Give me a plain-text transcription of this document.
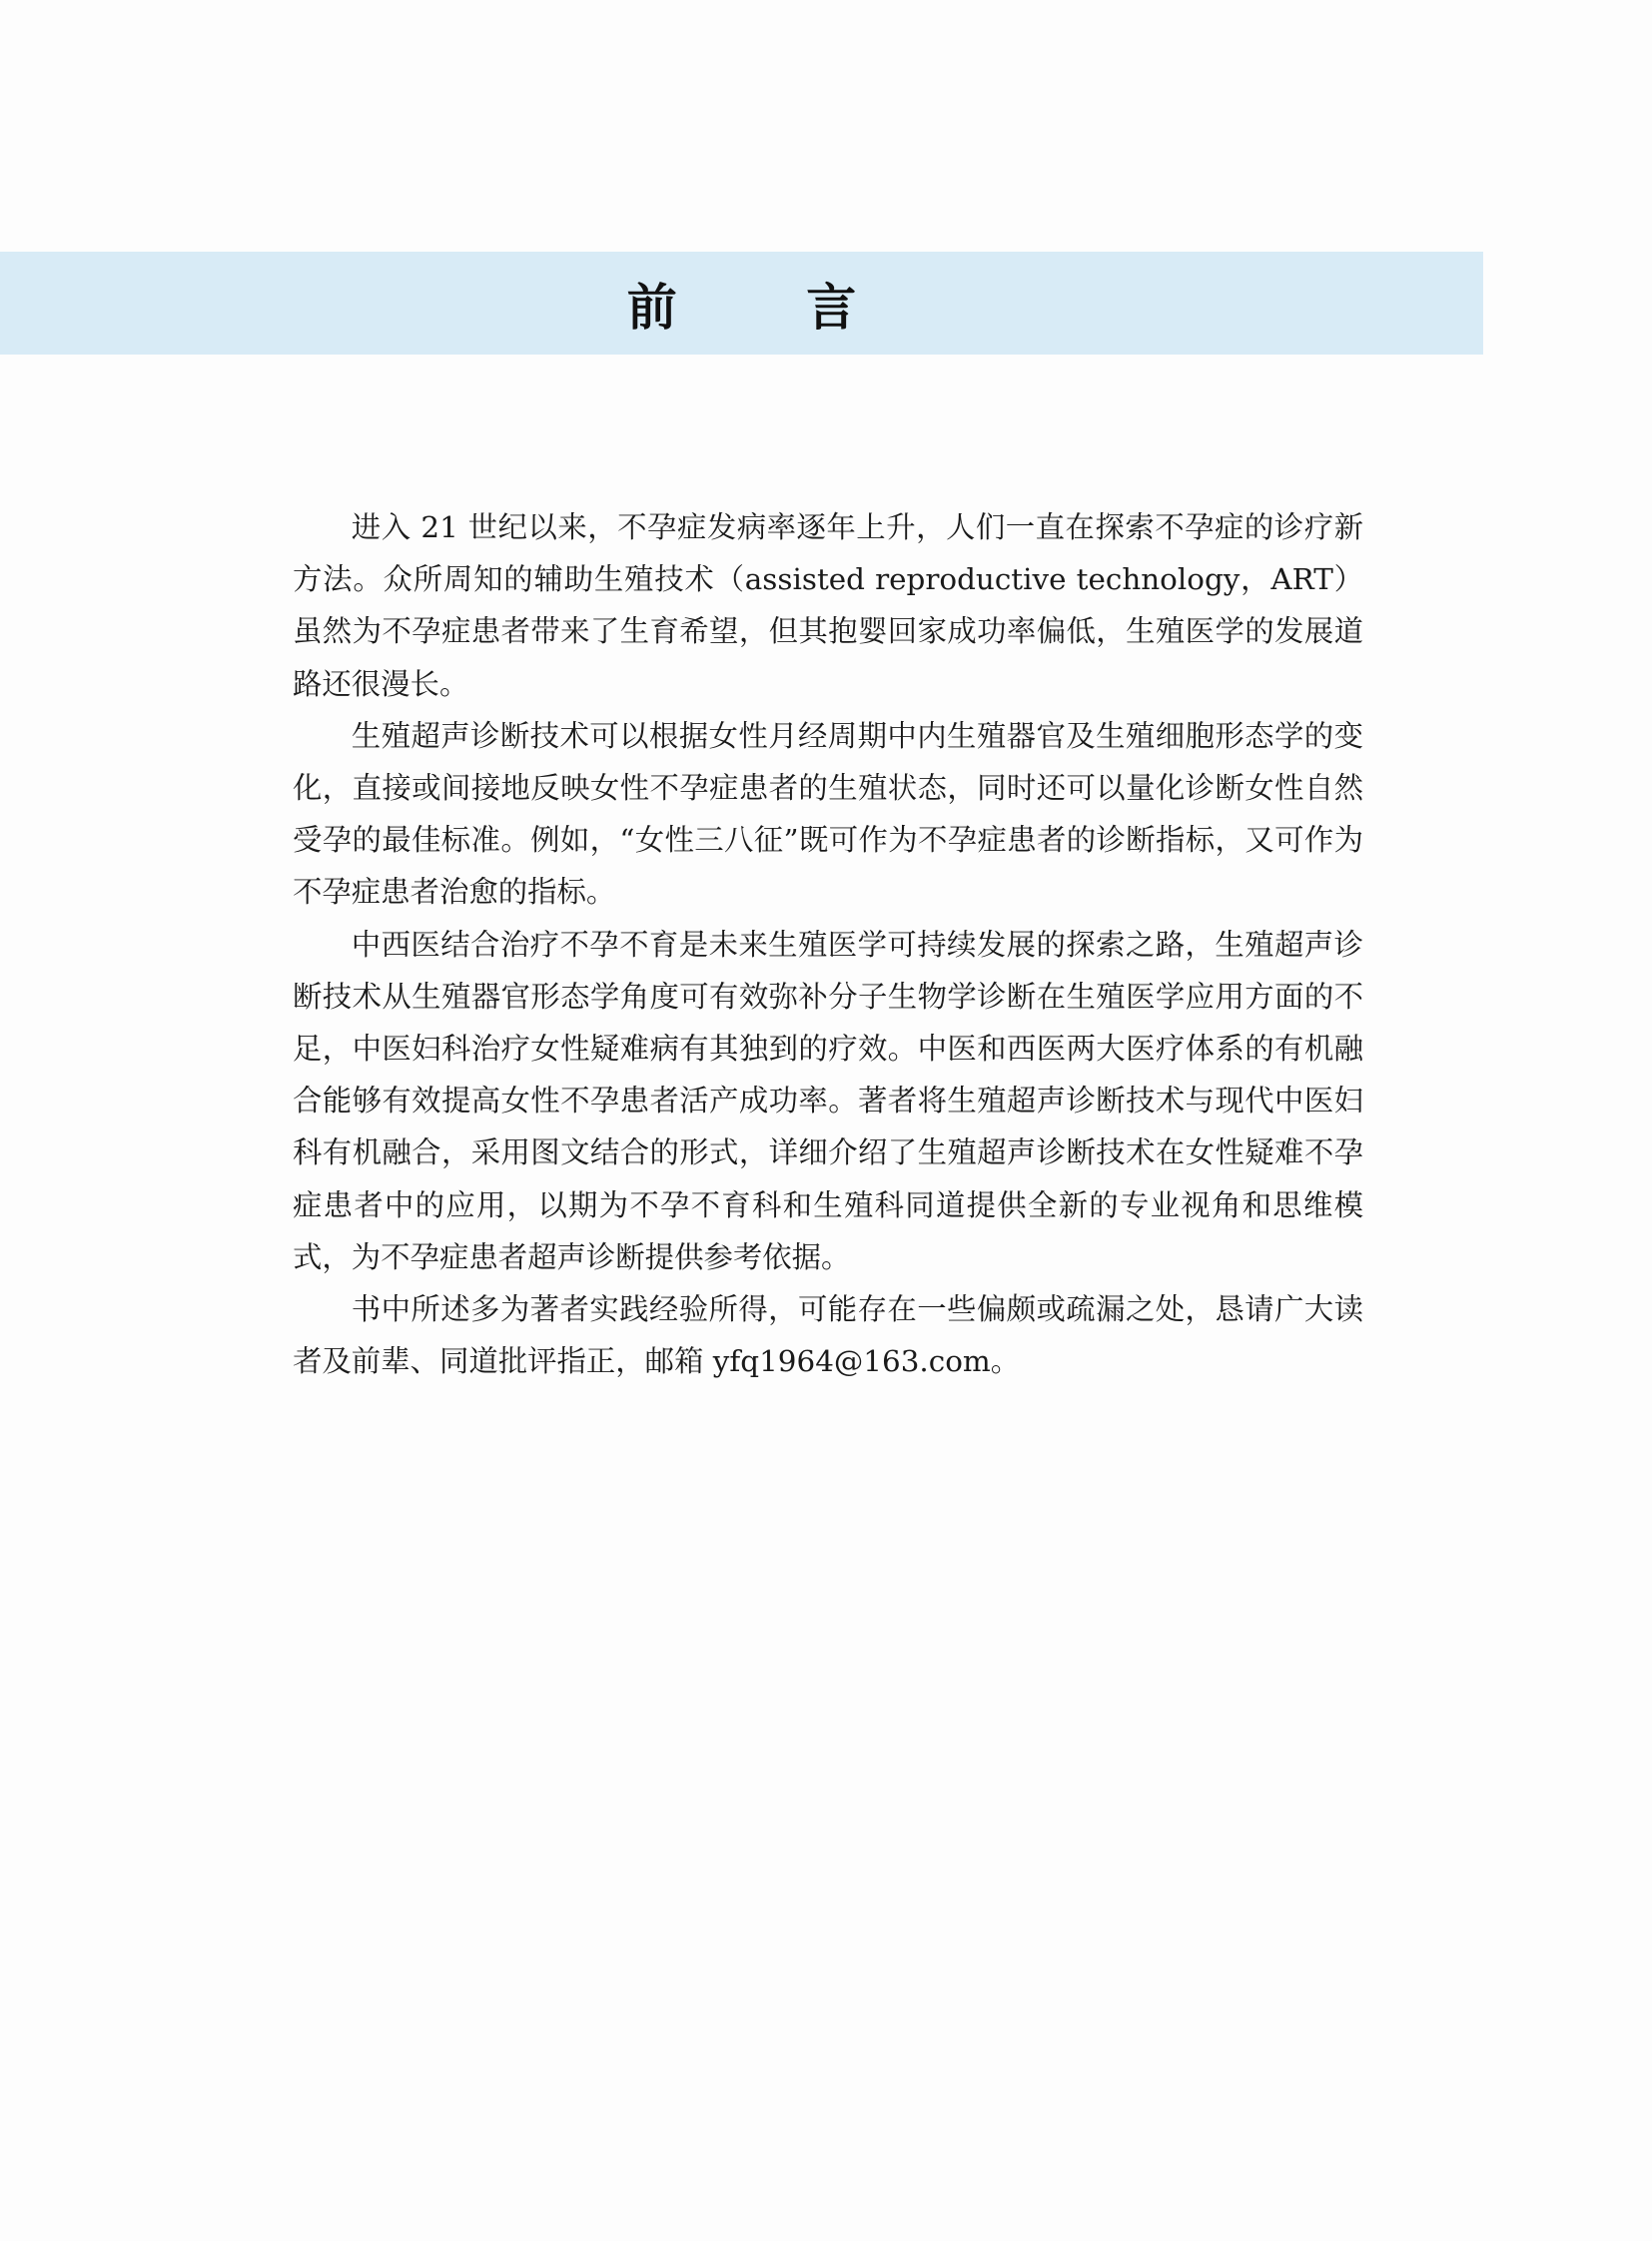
前 言

进入 21 世纪以来，不孕症发病率逐年上升，人们一直在探索不孕症的诊疗新方法。众所周知的辅助生殖技术（assisted reproductive technology，ART）虽然为不孕症患者带来了生育希望，但其抱婴回家成功率偏低，生殖医学的发展道路还很漫长。

生殖超声诊断技术可以根据女性月经周期中内生殖器官及生殖细胞形态学的变化，直接或间接地反映女性不孕症患者的生殖状态，同时还可以量化诊断女性自然受孕的最佳标准。例如，“女性三八征”既可作为不孕症患者的诊断指标，又可作为不孕症患者治愈的指标。

中西医结合治疗不孕不育是未来生殖医学可持续发展的探索之路，生殖超声诊断技术从生殖器官形态学角度可有效弥补分子生物学诊断在生殖医学应用方面的不足，中医妇科治疗女性疑难病有其独到的疗效。中医和西医两大医疗体系的有机融合能够有效提高女性不孕患者活产成功率。著者将生殖超声诊断技术与现代中医妇科有机融合，采用图文结合的形式，详细介绍了生殖超声诊断技术在女性疑难不孕症患者中的应用，以期为不孕不育科和生殖科同道提供全新的专业视角和思维模式，为不孕症患者超声诊断提供参考依据。

书中所述多为著者实践经验所得，可能存在一些偏颇或疏漏之处，恳请广大读者及前辈、同道批评指正，邮箱 yfq1964@163.com。
